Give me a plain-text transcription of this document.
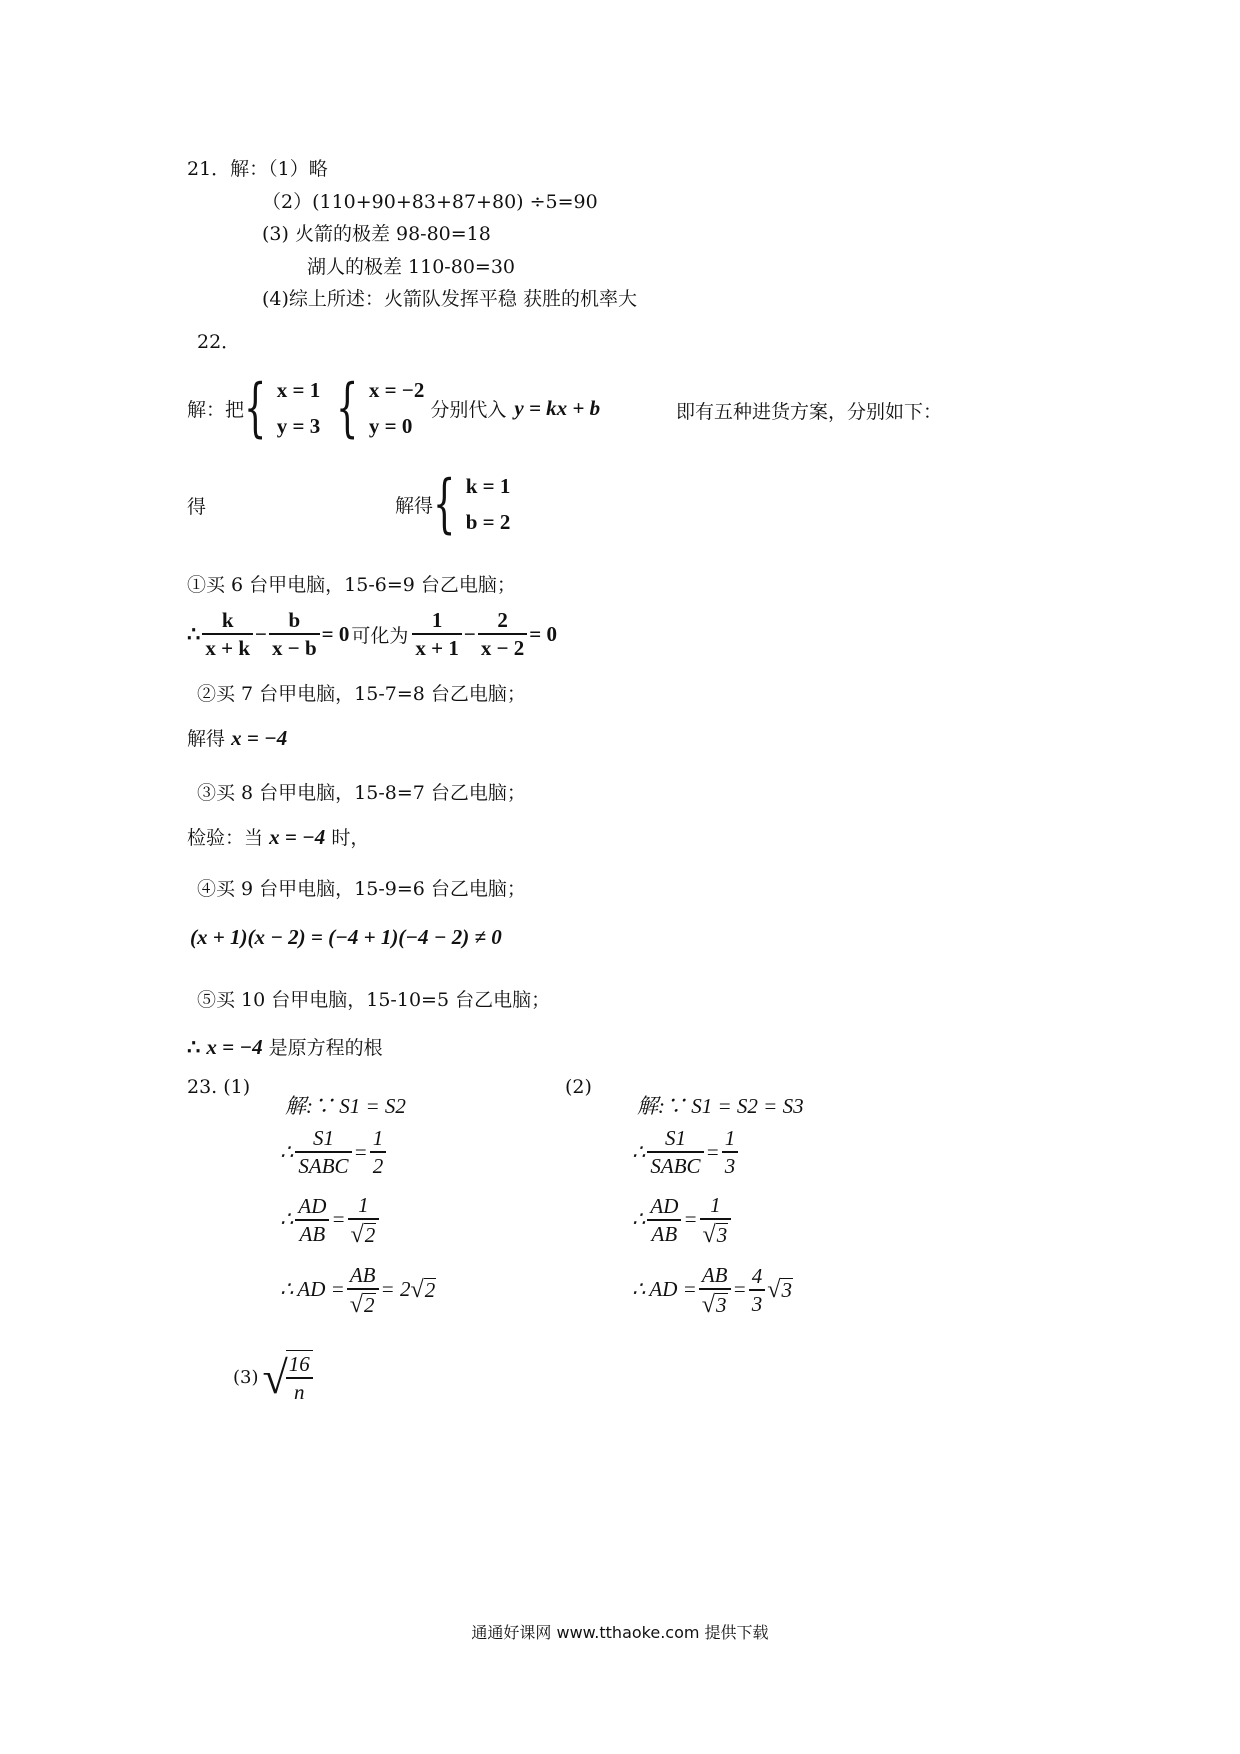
21．解：（1）略
（2）(110+90+83+87+80) ÷5=90
(3) 火箭的极差 98-80=18
湖人的极差 110-80=30
(4)综上所述：火箭队发挥平稳 获胜的机率大
22．
解：把 { x = 1
y = 3 { x = −2
y = 0
分别代入 y = kx + b	即有五种进货方案，分别如下：
得	解得 { k = 1
b = 2
①买 6 台甲电脑，15-6=9 台乙电脑；
∴ $\frac{k}{x + k} - \frac{b}{x - b} = 0$ 可化为 $\frac{1}{x + 1} - \frac{2}{x - 2} = 0$
②买 7 台甲电脑，15-7=8 台乙电脑；
解得 x = −4
③买 8 台甲电脑，15-8=7 台乙电脑；
检验：当 x = −4 时，
④买 9 台甲电脑，15-9=6 台乙电脑；
(x + 1)(x − 2) = (−4 + 1)(−4 − 2) ≠ 0
⑤买 10 台甲电脑，15-10=5 台乙电脑；
∴ x = −4 是原方程的根
23. (1)	(2)
解:∵ S1 = S2
∴ $\frac{S1}{\text{SABC}} = \frac{1}{2}$
∴ $\frac{AD}{AB} = \frac{1}{√ 2}$
∴ AD = $\frac{AB}{√ 2} = 2$ √ 2
解:∵ S1 = S2 = S3
∴ $\frac{S1}{\text{SABC}} = \frac{1}{3}$
∴ $\frac{AD}{AB} = \frac{1}{√ 3}$
∴ AD = $\frac{AB}{√ 3} = \frac{4}{3}$ √ 3
(3) √
$\frac{16}{n}$
通通好课网 www.tthaoke.com 提供下载
